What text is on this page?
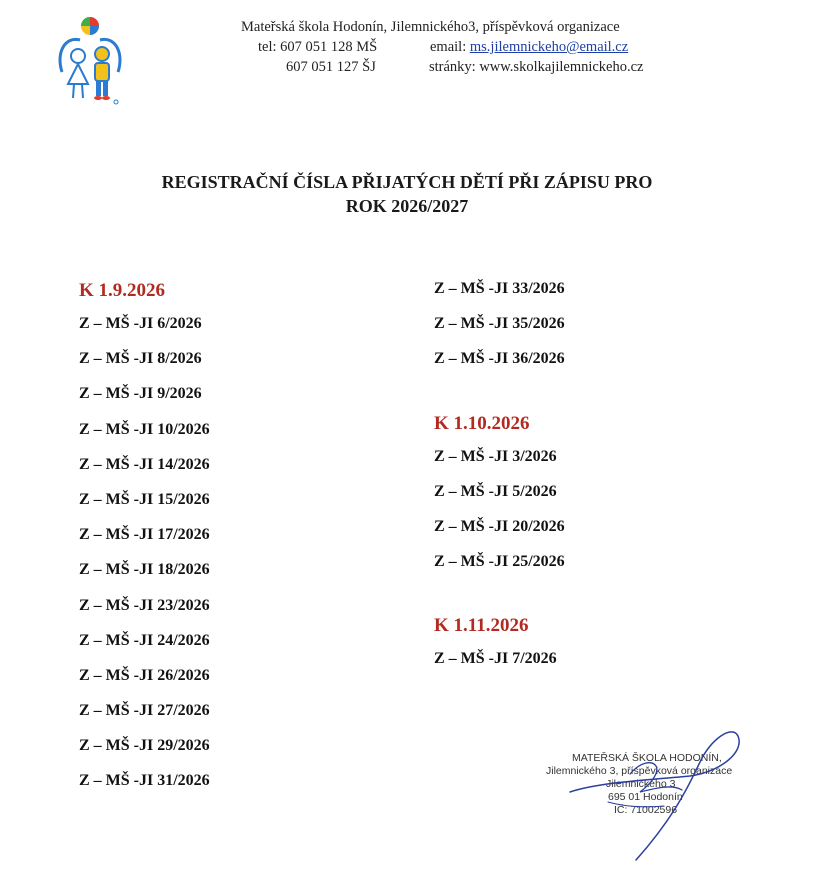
Mateřská škola Hodonín, Jilemnického3, příspěvková organizace
tel: 607 051 128 MŠ	email: ms.jilemnickeho@email.cz
607 051 127 ŠJ	stránky: www.skolkajilemnickeho.cz
REGISTRAČNÍ ČÍSLA PŘIJATÝCH DĚTÍ PŘI ZÁPISU PRO
ROK 2026/2027
K 1.9.2026
Z – MŠ -JI 6/2026
Z – MŠ -JI 8/2026
Z – MŠ -JI 9/2026
Z – MŠ -JI 10/2026
Z – MŠ -JI 14/2026
Z – MŠ -JI 15/2026
Z – MŠ -JI 17/2026
Z – MŠ -JI 18/2026
Z – MŠ -JI 23/2026
Z – MŠ -JI 24/2026
Z – MŠ -JI 26/2026
Z – MŠ -JI 27/2026
Z – MŠ -JI 29/2026
Z – MŠ -JI 31/2026
Z – MŠ -JI 33/2026
Z – MŠ -JI 35/2026
Z – MŠ -JI 36/2026
K 1.10.2026
Z – MŠ -JI 3/2026
Z – MŠ -JI 5/2026
Z – MŠ -JI 20/2026
Z – MŠ -JI 25/2026
K 1.11.2026
Z – MŠ -JI 7/2026
MATEŘSKÁ ŠKOLA HODONÍN,
Jilemnického 3, příspěvková organizace
Jilemnického 3
695 01 Hodonín
IČ: 71002596
